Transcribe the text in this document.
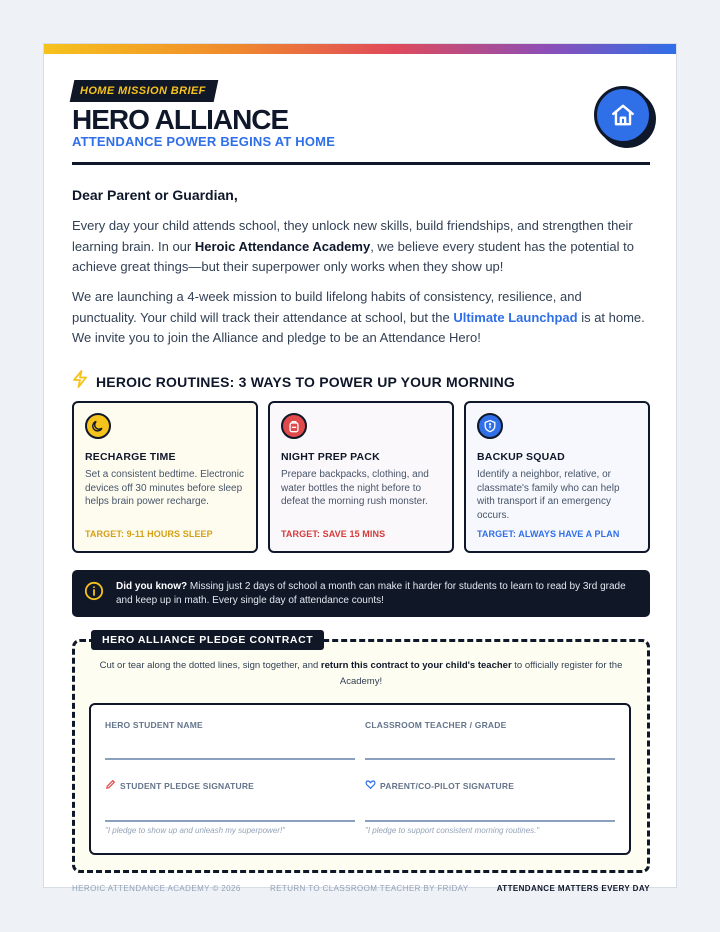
HOME MISSION BRIEF
HERO ALLIANCE
ATTENDANCE POWER BEGINS AT HOME
Dear Parent or Guardian,

Every day your child attends school, they unlock new skills, build friendships, and strengthen their learning brain. In our Heroic Attendance Academy, we believe every student has the potential to achieve great things—but their superpower only works when they show up!

We are launching a 4-week mission to build lifelong habits of consistency, resilience, and punctuality. Your child will track their attendance at school, but the Ultimate Launchpad is at home. We invite you to join the Alliance and pledge to be an Attendance Hero!

HEROIC ROUTINES: 3 WAYS TO POWER UP YOUR MORNING
RECHARGE TIME
Set a consistent bedtime. Electronic devices off 30 minutes before sleep helps brain power recharge.
TARGET: 9-11 HOURS SLEEP
NIGHT PREP PACK
Prepare backpacks, clothing, and water bottles the night before to defeat the morning rush monster.
TARGET: SAVE 15 MINS
BACKUP SQUAD
Identify a neighbor, relative, or classmate's family who can help with transport if an emergency occurs.
TARGET: ALWAYS HAVE A PLAN
Did you know? Missing just 2 days of school a month can make it harder for students to learn to read by 3rd grade and keep up in math. Every single day of attendance counts!
HERO ALLIANCE PLEDGE CONTRACT
Cut or tear along the dotted lines, sign together, and return this contract to your child's teacher to officially register for the Academy!
HERO STUDENT NAME	CLASSROOM TEACHER / GRADE
STUDENT PLEDGE SIGNATURE
"I pledge to show up and unleash my superpower!"
PARENT/CO-PILOT SIGNATURE
"I pledge to support consistent morning routines."
HEROIC ATTENDANCE ACADEMY © 2026	RETURN TO CLASSROOM TEACHER BY FRIDAY	ATTENDANCE MATTERS EVERY DAY
